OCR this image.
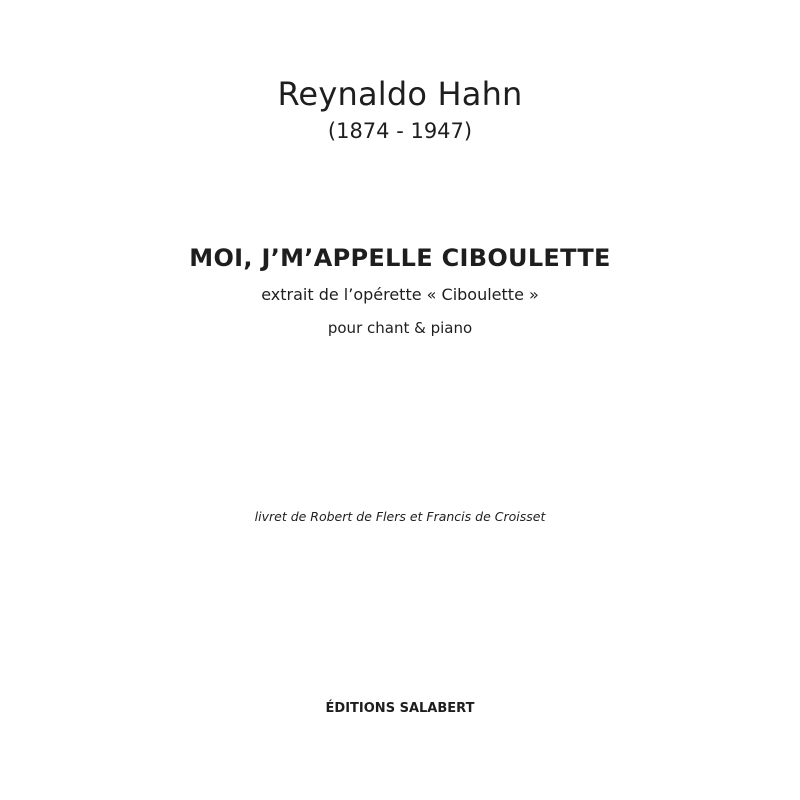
Reynaldo Hahn
(1874 - 1947)
MOI, J’M’APPELLE CIBOULETTE
extrait de l’opérette « Ciboulette »
pour chant & piano
livret de Robert de Flers et Francis de Croisset
ÉDITIONS SALABERT
